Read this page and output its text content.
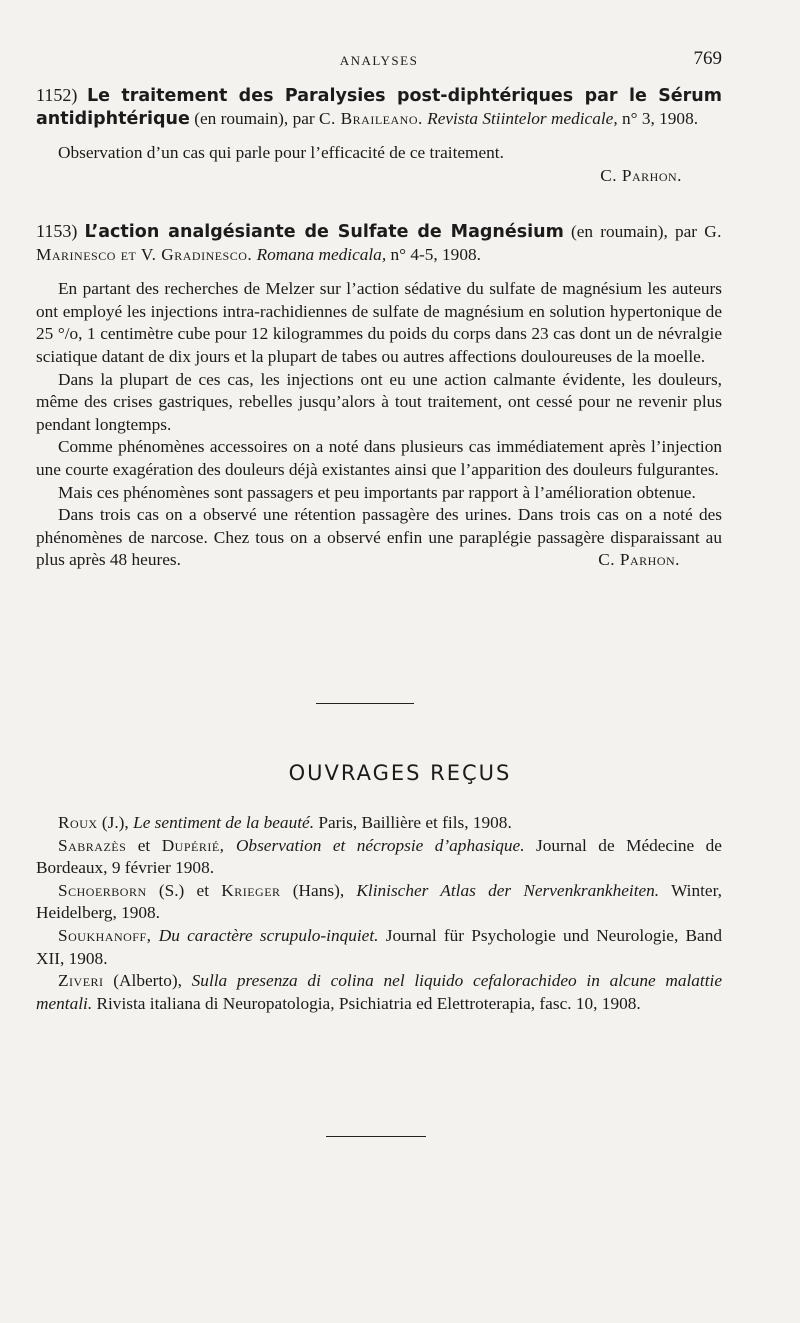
ANALYSES	769

1152) Le traitement des Paralysies post-diphtériques par le Sérum antidiphtérique (en roumain), par C. Braileano. Revista Stiintelor medicale, n° 3, 1908.

Observation d’un cas qui parle pour l’efficacité de ce traitement.

C. Parhon.

1153) L’action analgésiante de Sulfate de Magnésium (en roumain), par G. Marinesco et V. Gradinesco. Romana medicala, n° 4-5, 1908.

En partant des recherches de Melzer sur l’action sédative du sulfate de magnésium les auteurs ont employé les injections intra-rachidiennes de sulfate de magnésium en solution hypertonique de 25 °/o, 1 centimètre cube pour 12 kilogrammes du poids du corps dans 23 cas dont un de névralgie sciatique datant de dix jours et la plupart de tabes ou autres affections douloureuses de la moelle.

Dans la plupart de ces cas, les injections ont eu une action calmante évidente, les douleurs, même des crises gastriques, rebelles jusqu’alors à tout traitement, ont cessé pour ne revenir plus pendant longtemps.

Comme phénomènes accessoires on a noté dans plusieurs cas immédiatement après l’injection une courte exagération des douleurs déjà existantes ainsi que l’apparition des douleurs fulgurantes.

Mais ces phénomènes sont passagers et peu importants par rapport à l’amélioration obtenue.

Dans trois cas on a observé une rétention passagère des urines. Dans trois cas on a noté des phénomènes de narcose. Chez tous on a observé enfin une paraplégie passagère disparaissant au plus après 48 heures.	C. Parhon.

OUVRAGES REÇUS

Roux (J.), Le sentiment de la beauté. Paris, Baillière et fils, 1908.

Sabrazès et Dupérié, Observation et nécropsie d’aphasique. Journal de Médecine de Bordeaux, 9 février 1908.

Schoerborn (S.) et Krieger (Hans), Klinischer Atlas der Nervenkrankheiten. Winter, Heidelberg, 1908.

Soukhanoff, Du caractère scrupulo-inquiet. Journal für Psychologie und Neurologie, Band XII, 1908.

Ziveri (Alberto), Sulla presenza di colina nel liquido cefalorachideo in alcune malattie mentali. Rivista italiana di Neuropatologia, Psichiatria ed Elettroterapia, fasc. 10, 1908.
